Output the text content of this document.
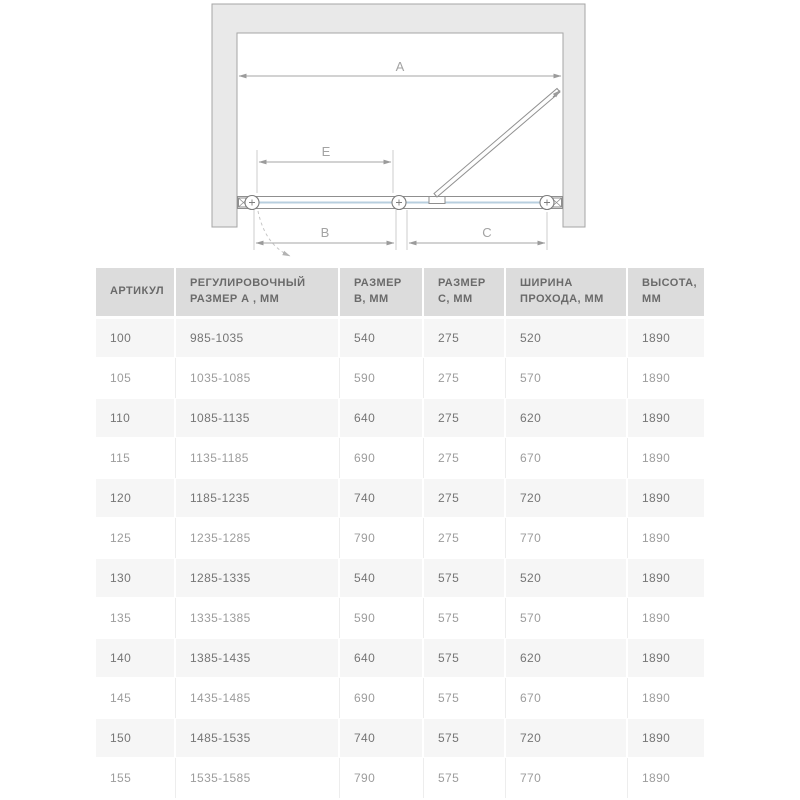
A
E
B	C
АРТИКУЛ	РЕГУЛИРОВОЧНЫЙ РАЗМЕР А , ММ	РАЗМЕР B, ММ	РАЗМЕР C, ММ	ШИРИНА ПРОХОДА, ММ	ВЫСОТА, ММ
100	985-1035	540	275	520	1890
105	1035-1085	590	275	570	1890
110	1085-1135	640	275	620	1890
115	1135-1185	690	275	670	1890
120	1185-1235	740	275	720	1890
125	1235-1285	790	275	770	1890
130	1285-1335	540	575	520	1890
135	1335-1385	590	575	570	1890
140	1385-1435	640	575	620	1890
145	1435-1485	690	575	670	1890
150	1485-1535	740	575	720	1890
155	1535-1585	790	575	770	1890
